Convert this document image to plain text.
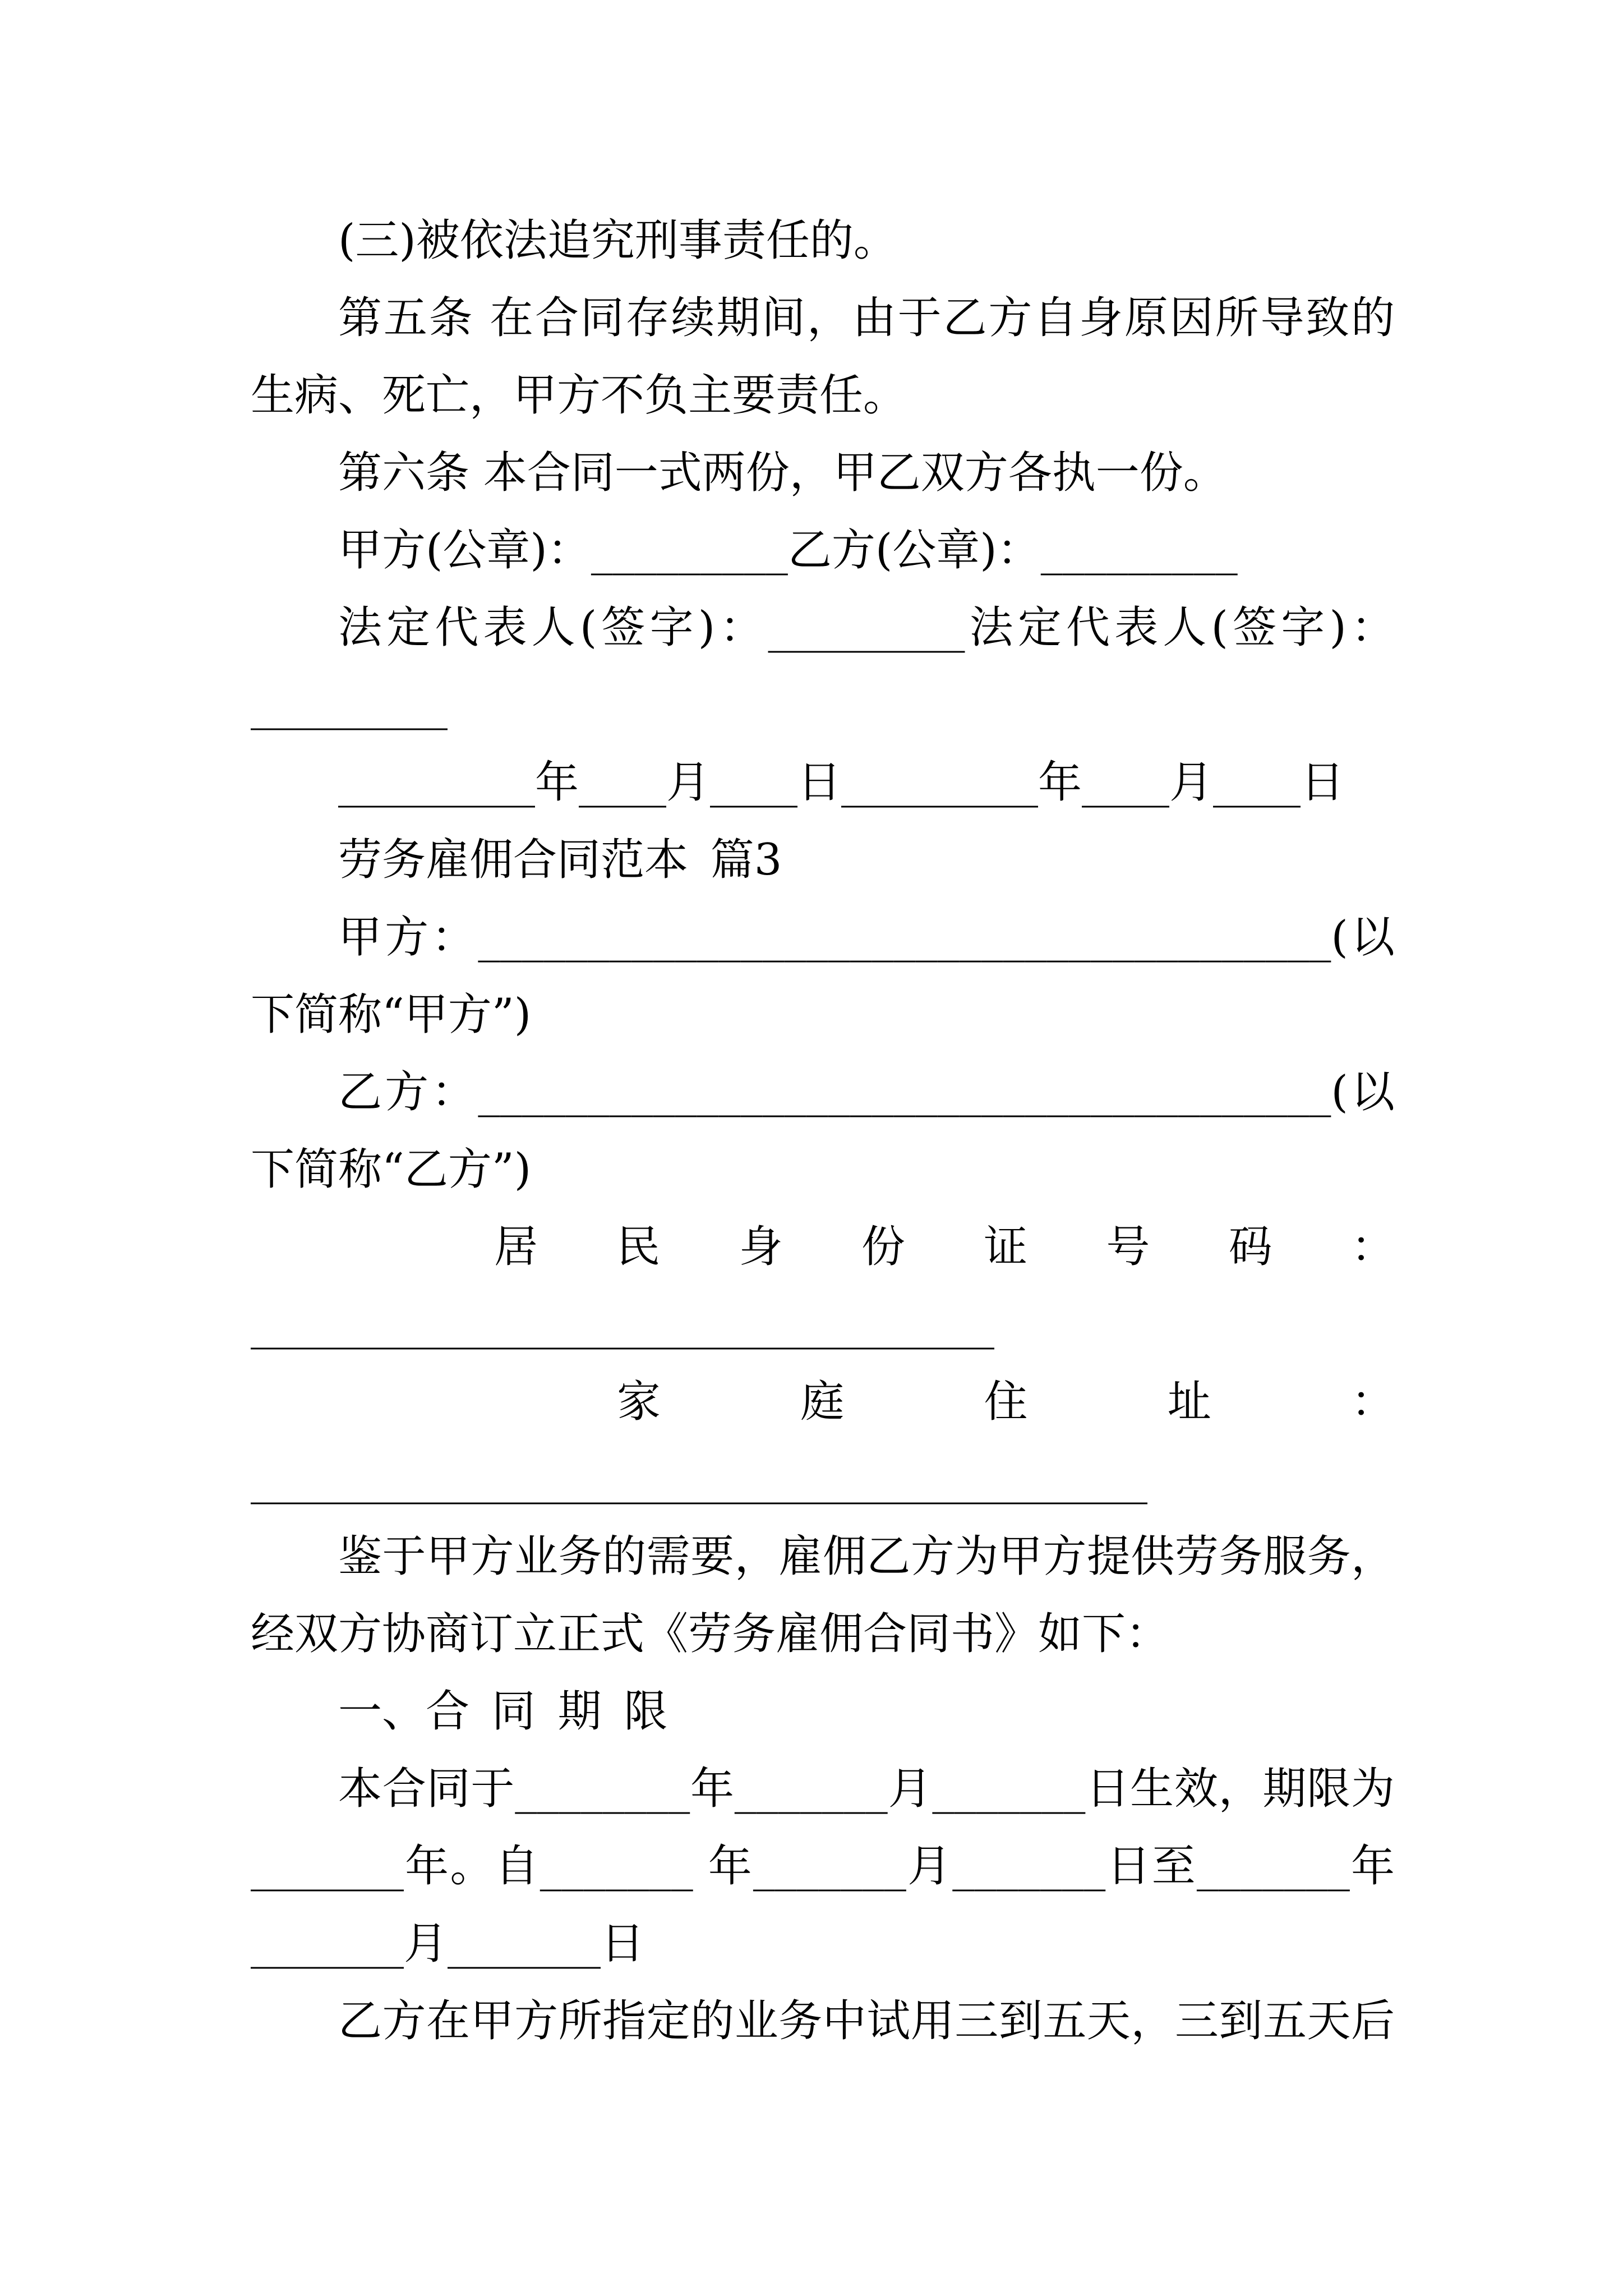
(三)被依法追究刑事责任的。
第五条 在合同存续期间，由于乙方自身原因所导致的
生病、死亡，甲方不负主要责任。
第六条 本合同一式两份，甲乙双方各执一份。
甲方(公章)：_________乙方(公章)：_________
法定代表人(签字)：_________法定代表人(签字)：
_________
_________年____月____日_________年____月____日
劳务雇佣合同范本 篇3
甲方：_______________________________________(以
下简称“甲方”)
乙方：_______________________________________(以
下简称“乙方”)
居民身份证号码：
__________________________________
家庭住址：
_________________________________________
鉴于甲方业务的需要，雇佣乙方为甲方提供劳务服务，
经双方协商订立正式《劳务雇佣合同书》如下：
一、合 同 期 限
本合同于________年_______月_______日生效，期限为
_______年。自_______ 年_______月_______日至_______年
_______月_______日
乙方在甲方所指定的业务中试用三到五天，三到五天后
